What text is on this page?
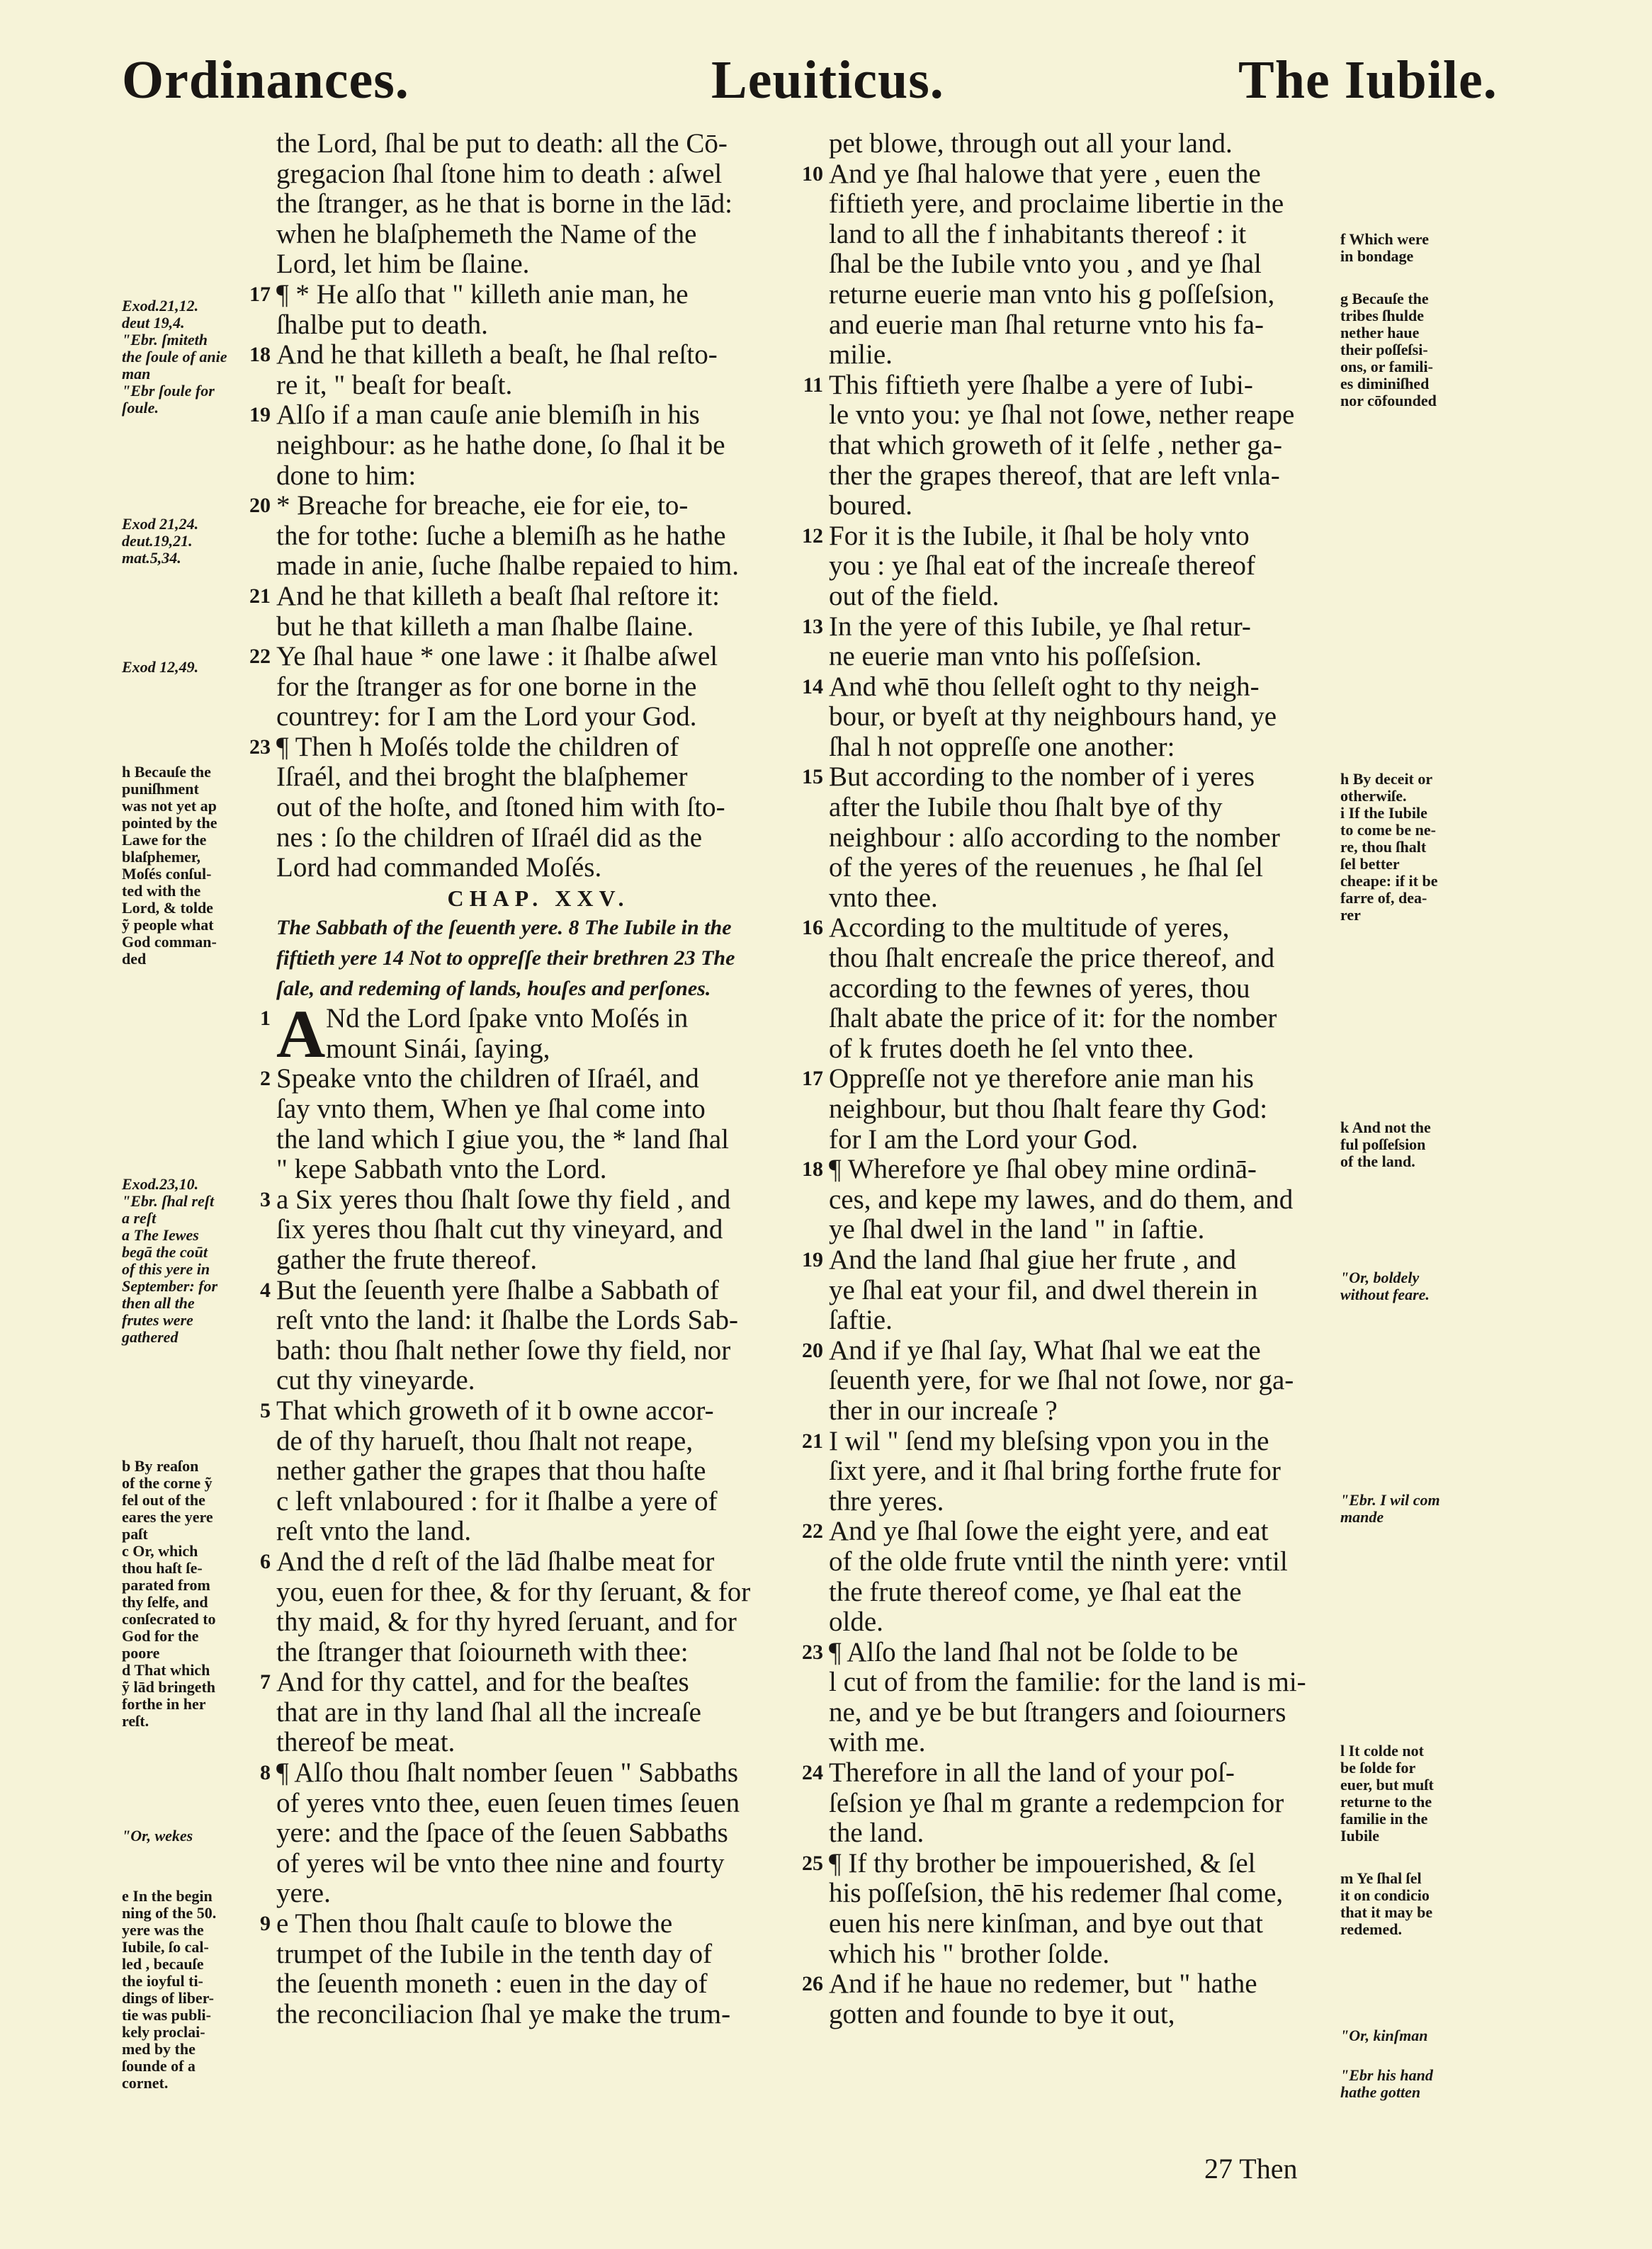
Ordinances.	Leuiticus.	The Iubile.
the Lord, ſhal be put to death: all the Cō-
gregacion ſhal ſtone him to death : aſwel
the ſtranger, as he that is borne in the lād:
when he blaſphemeth the Name of the
Lord, let him be ſlaine.
17 ¶ * He alſo that " killeth anie man, he
ſhalbe put to death.
18 And he that killeth a beaſt, he ſhal reſto-
re it, " beaſt for beaſt.
19 Alſo if a man cauſe anie blemiſh in his
neighbour: as he hathe done, ſo ſhal it be
done to him:
20 * Breache for breache, eie for eie, to-
the for tothe: ſuche a blemiſh as he hathe
made in anie, ſuche ſhalbe repaied to him.
21 And he that killeth a beaſt ſhal reſtore it:
but he that killeth a man ſhalbe ſlaine.
22 Ye ſhal haue * one lawe : it ſhalbe aſwel
for the ſtranger as for one borne in the
countrey: for I am the Lord your God.
23 ¶ Then h Moſés tolde the children of
Iſraél, and thei broght the blaſphemer
out of the hoſte, and ſtoned him with ſto-
nes : ſo the children of Iſraél did as the
Lord had commanded Moſés.
CHAP. XXV.
The Sabbath of the ſeuenth yere. 8 The Iubile in the
fiftieth yere 14 Not to oppreſſe their brethren 23 The
ſale, and redeming of lands, houſes and perſones.
1 A Nd the Lord ſpake vnto Moſés in
mount Sinái, ſaying,
2 Speake vnto the children of Iſraél, and
ſay vnto them, When ye ſhal come into
the land which I giue you, the * land ſhal
" kepe Sabbath vnto the Lord.
3 a Six yeres thou ſhalt ſowe thy field , and
ſix yeres thou ſhalt cut thy vineyard, and
gather the frute thereof.
4 But the ſeuenth yere ſhalbe a Sabbath of
reſt vnto the land: it ſhalbe the Lords Sab-
bath: thou ſhalt nether ſowe thy field, nor
cut thy vineyarde.
5 That which groweth of it b owne accor-
de of thy harueſt, thou ſhalt not reape,
nether gather the grapes that thou haſte
c left vnlaboured : for it ſhalbe a yere of
reſt vnto the land.
6 And the d reſt of the lād ſhalbe meat for
you, euen for thee, & for thy ſeruant, & for
thy maid, & for thy hyred ſeruant, and for
the ſtranger that ſoiourneth with thee:
7 And for thy cattel, and for the beaſtes
that are in thy land ſhal all the increaſe
thereof be meat.
8 ¶ Alſo thou ſhalt nomber ſeuen " Sabbaths
of yeres vnto thee, euen ſeuen times ſeuen
yere: and the ſpace of the ſeuen Sabbaths
of yeres wil be vnto thee nine and fourty
yere.
9 e Then thou ſhalt cauſe to blowe the
trumpet of the Iubile in the tenth day of
the ſeuenth moneth : euen in the day of
the reconciliacion ſhal ye make the trum-
pet blowe, through out all your land.
10 And ye ſhal halowe that yere , euen the
fiftieth yere, and proclaime libertie in the
land to all the f inhabitants thereof : it
ſhal be the Iubile vnto you , and ye ſhal
returne euerie man vnto his g poſſeſsion,
and euerie man ſhal returne vnto his fa-
milie.
11 This fiftieth yere ſhalbe a yere of Iubi-
le vnto you: ye ſhal not ſowe, nether reape
that which groweth of it ſelfe , nether ga-
ther the grapes thereof, that are left vnla-
boured.
12 For it is the Iubile, it ſhal be holy vnto
you : ye ſhal eat of the increaſe thereof
out of the field.
13 In the yere of this Iubile, ye ſhal retur-
ne euerie man vnto his poſſeſsion.
14 And whē thou ſelleſt oght to thy neigh-
bour, or byeſt at thy neighbours hand, ye
ſhal h not oppreſſe one another:
15 But according to the nomber of i yeres
after the Iubile thou ſhalt bye of thy
neighbour : alſo according to the nomber
of the yeres of the reuenues , he ſhal ſel
vnto thee.
16 According to the multitude of yeres,
thou ſhalt encreaſe the price thereof, and
according to the fewnes of yeres, thou
ſhalt abate the price of it: for the nomber
of k frutes doeth he ſel vnto thee.
17 Oppreſſe not ye therefore anie man his
neighbour, but thou ſhalt feare thy God:
for I am the Lord your God.
18 ¶ Wherefore ye ſhal obey mine ordinā-
ces, and kepe my lawes, and do them, and
ye ſhal dwel in the land " in ſaftie.
19 And the land ſhal giue her frute , and
ye ſhal eat your fil, and dwel therein in
ſaftie.
20 And if ye ſhal ſay, What ſhal we eat the
ſeuenth yere, for we ſhal not ſowe, nor ga-
ther in our increaſe ?
21 I wil " ſend my bleſsing vpon you in the
ſixt yere, and it ſhal bring forthe frute for
thre yeres.
22 And ye ſhal ſowe the eight yere, and eat
of the olde frute vntil the ninth yere: vntil
the frute thereof come, ye ſhal eat the
olde.
23 ¶ Alſo the land ſhal not be ſolde to be
l cut of from the familie: for the land is mi-
ne, and ye be but ſtrangers and ſoiourners
with me.
24 Therefore in all the land of your poſ-
ſeſsion ye ſhal m grante a redempcion for
the land.
25 ¶ If thy brother be impouerished, & ſel
his poſſeſsion, thē his redemer ſhal come,
euen his nere kinſman, and bye out that
which his " brother ſolde.
26 And if he haue no redemer, but " hathe
gotten and founde to bye it out,
Exod.21,12.
deut 19,4.
"Ebr. ſmiteth
the ſoule of anie
man
"Ebr ſoule for
ſoule.
Exod 21,24.
deut.19,21.
mat.5,34.
Exod 12,49.
h Becauſe the
puniſhment
was not yet ap
pointed by the
Lawe for the
blaſphemer,
Moſés conſul-
ted with the
Lord, & tolde
ỹ people what
God comman-
ded
Exod.23,10.
"Ebr. ſhal reſt
a reſt
a The Iewes
begā the coūt
of this yere in
September: for
then all the
frutes were
gathered
b By reaſon
of the corne ỹ
fel out of the
eares the yere
paſt
c Or, which
thou haſt ſe-
parated from
thy ſelfe, and
conſecrated to
God for the
poore
d That which
ỹ lād bringeth
forthe in her
reſt.
"Or, wekes
e In the begin
ning of the 50.
yere was the
Iubile, ſo cal-
led , becauſe
the ioyful ti-
dings of liber-
tie was publi-
kely proclai-
med by the
ſounde of a
cornet.
f Which were
in bondage
g Becauſe the
tribes ſhulde
nether haue
their poſſeſsi-
ons, or famili-
es diminiſhed
nor cōfounded
h By deceit or
otherwiſe.
i If the Iubile
to come be ne-
re, thou ſhalt
ſel better
cheape: if it be
farre of, dea-
rer
k And not the
ful poſſeſsion
of the land.
"Or, boldely
without feare.
"Ebr. I wil com
mande
l It colde not
be ſolde for
euer, but muſt
returne to the
familie in the
Iubile
m Ye ſhal ſel
it on condicio
that it may be
redemed.
"Or, kinſman
"Ebr his hand
hathe gotten
27 Then
